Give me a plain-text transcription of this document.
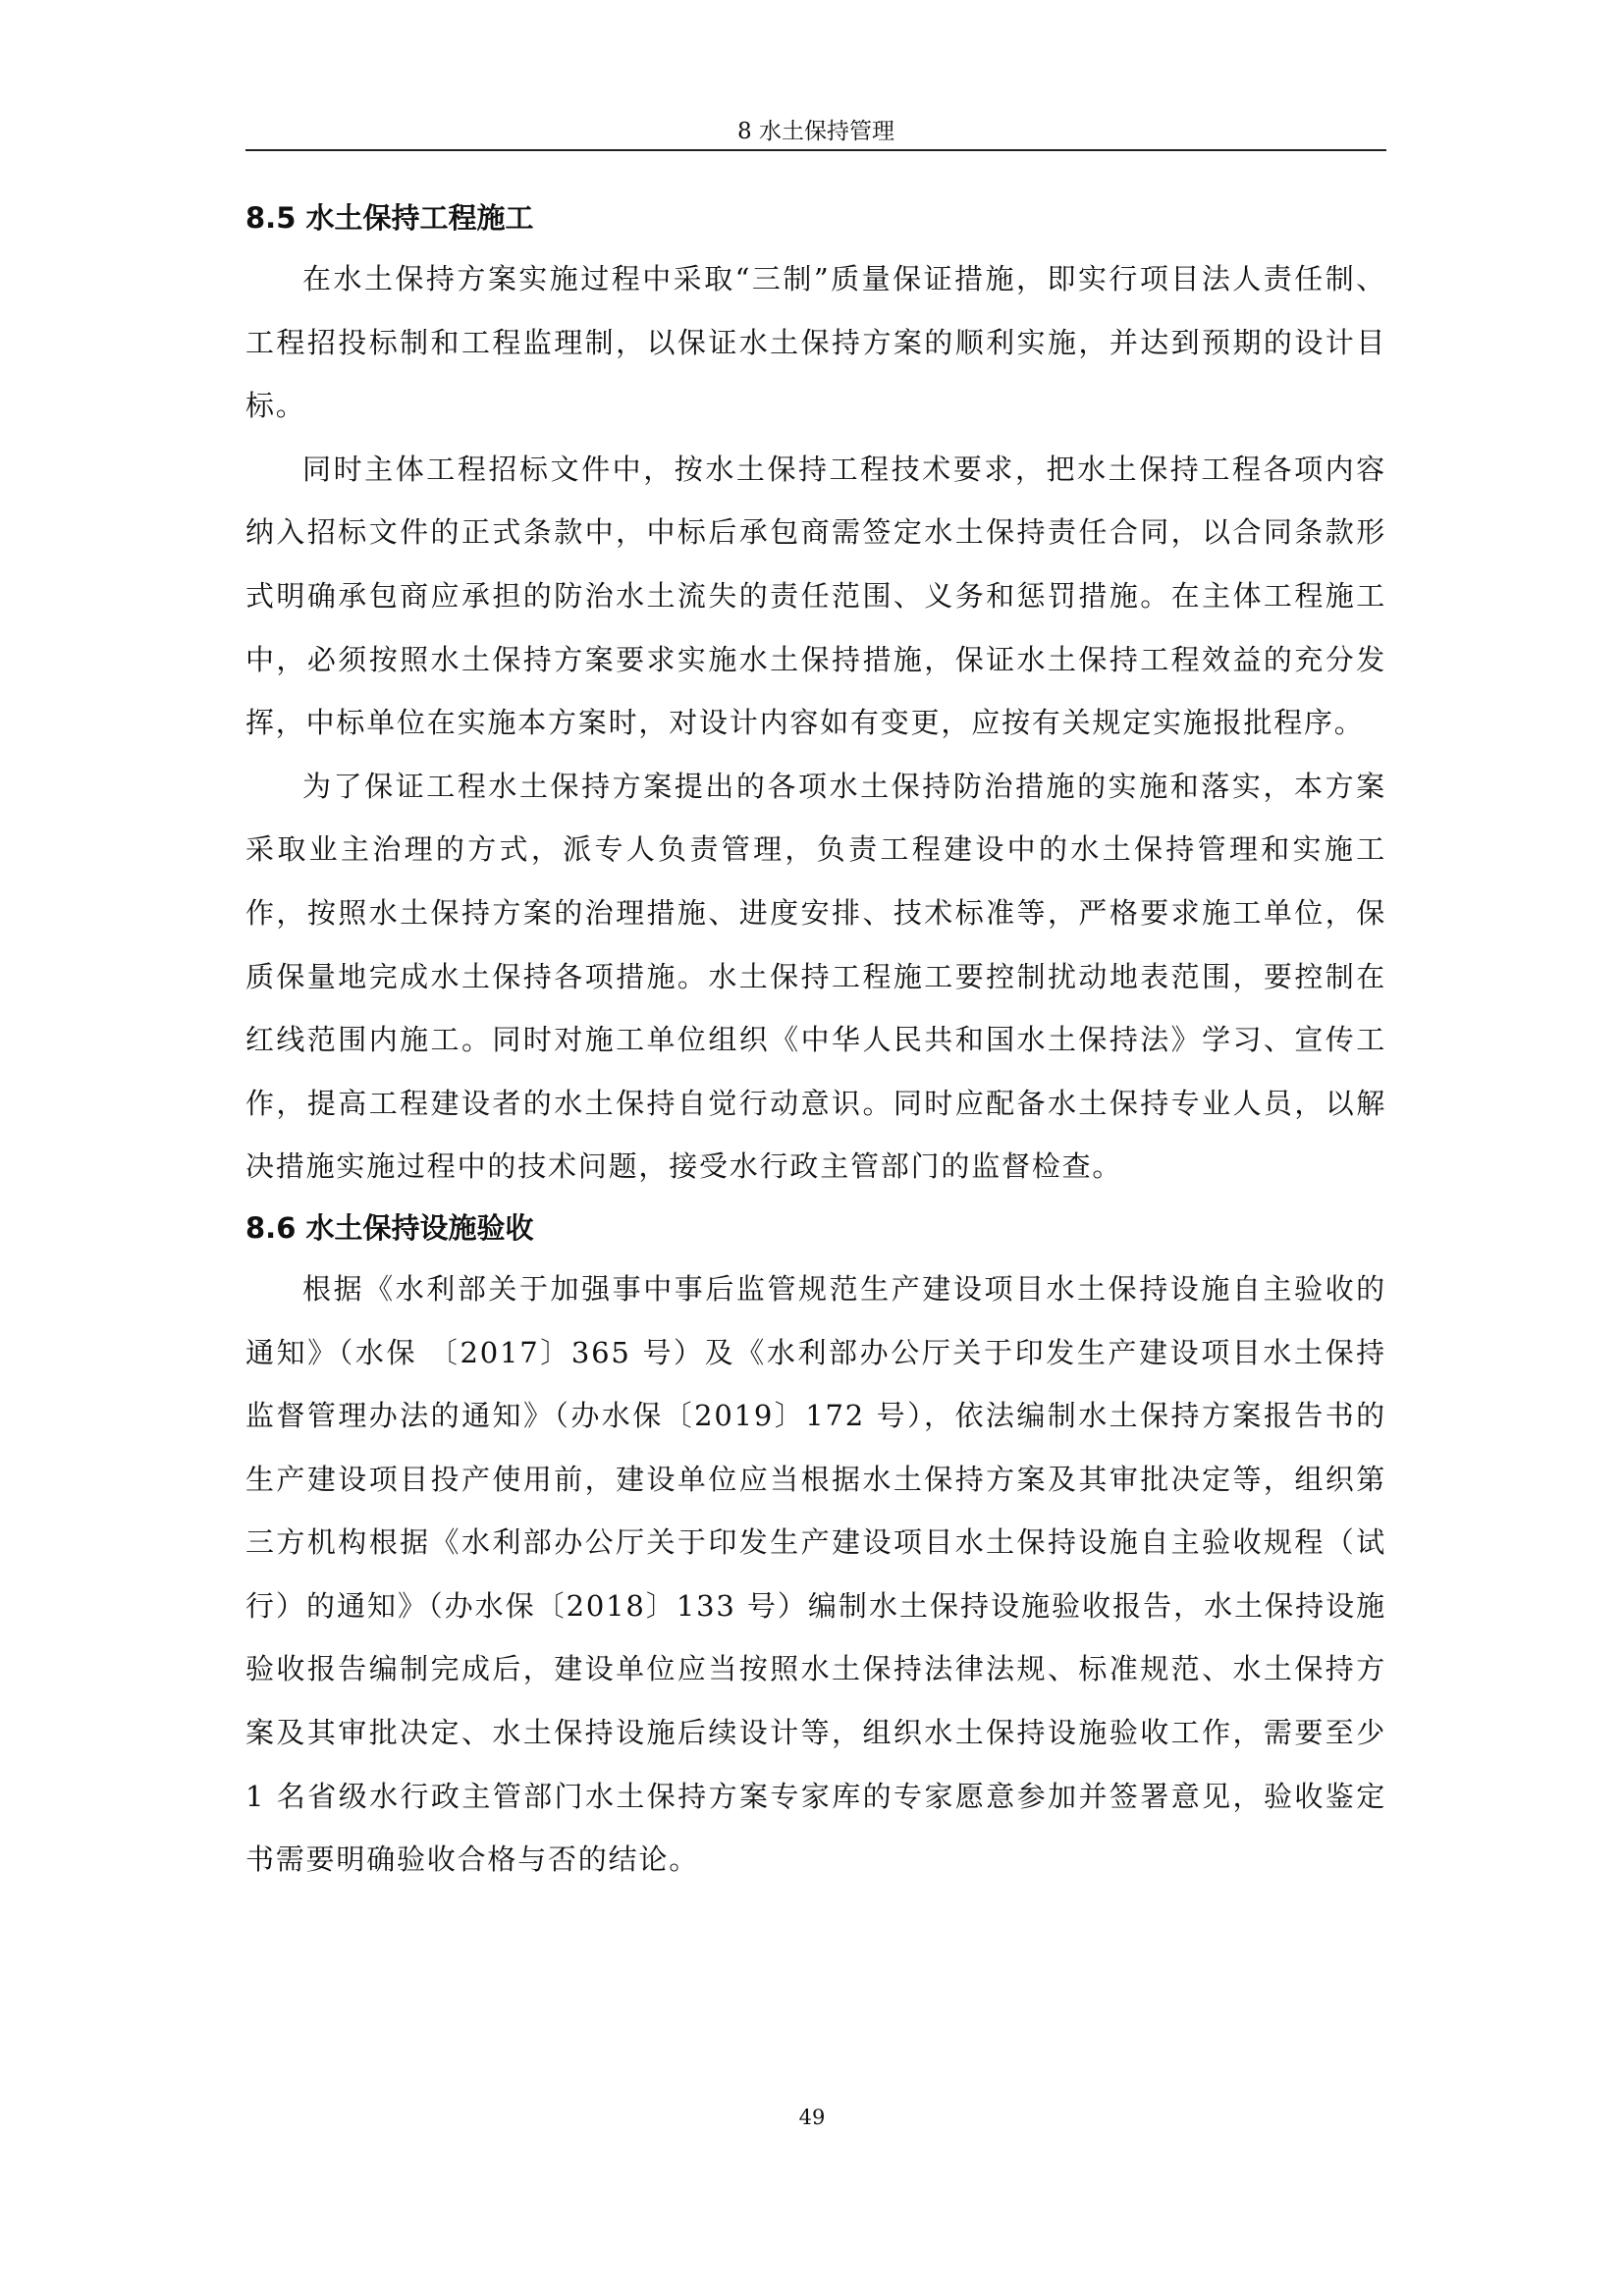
8 水土保持管理
8.5 水土保持工程施工

在水土保持方案实施过程中采取“三制”质量保证措施，即实行项目法人责任制、工程招投标制和工程监理制，以保证水土保持方案的顺利实施，并达到预期的设计目标。

同时主体工程招标文件中，按水土保持工程技术要求，把水土保持工程各项内容纳入招标文件的正式条款中，中标后承包商需签定水土保持责任合同，以合同条款形式明确承包商应承担的防治水土流失的责任范围、义务和惩罚措施。在主体工程施工中，必须按照水土保持方案要求实施水土保持措施，保证水土保持工程效益的充分发挥，中标单位在实施本方案时，对设计内容如有变更，应按有关规定实施报批程序。

为了保证工程水土保持方案提出的各项水土保持防治措施的实施和落实，本方案采取业主治理的方式，派专人负责管理，负责工程建设中的水土保持管理和实施工作，按照水土保持方案的治理措施、进度安排、技术标准等，严格要求施工单位，保质保量地完成水土保持各项措施。水土保持工程施工要控制扰动地表范围，要控制在红线范围内施工。同时对施工单位组织《中华人民共和国水土保持法》学习、宣传工作，提高工程建设者的水土保持自觉行动意识。同时应配备水土保持专业人员，以解决措施实施过程中的技术问题，接受水行政主管部门的监督检查。

8.6 水土保持设施验收

根据《水利部关于加强事中事后监管规范生产建设项目水土保持设施自主验收的通知》（水保 〔2017〕365 号）及《水利部办公厅关于印发生产建设项目水土保持监督管理办法的通知》（办水保〔2019〕172 号），依法编制水土保持方案报告书的生产建设项目投产使用前，建设单位应当根据水土保持方案及其审批决定等，组织第三方机构根据《水利部办公厅关于印发生产建设项目水土保持设施自主验收规程（试行）的通知》（办水保〔2018〕133 号）编制水土保持设施验收报告，水土保持设施验收报告编制完成后，建设单位应当按照水土保持法律法规、标准规范、水土保持方案及其审批决定、水土保持设施后续设计等，组织水土保持设施验收工作，需要至少 1 名省级水行政主管部门水土保持方案专家库的专家愿意参加并签署意见，验收鉴定书需要明确验收合格与否的结论。

49
